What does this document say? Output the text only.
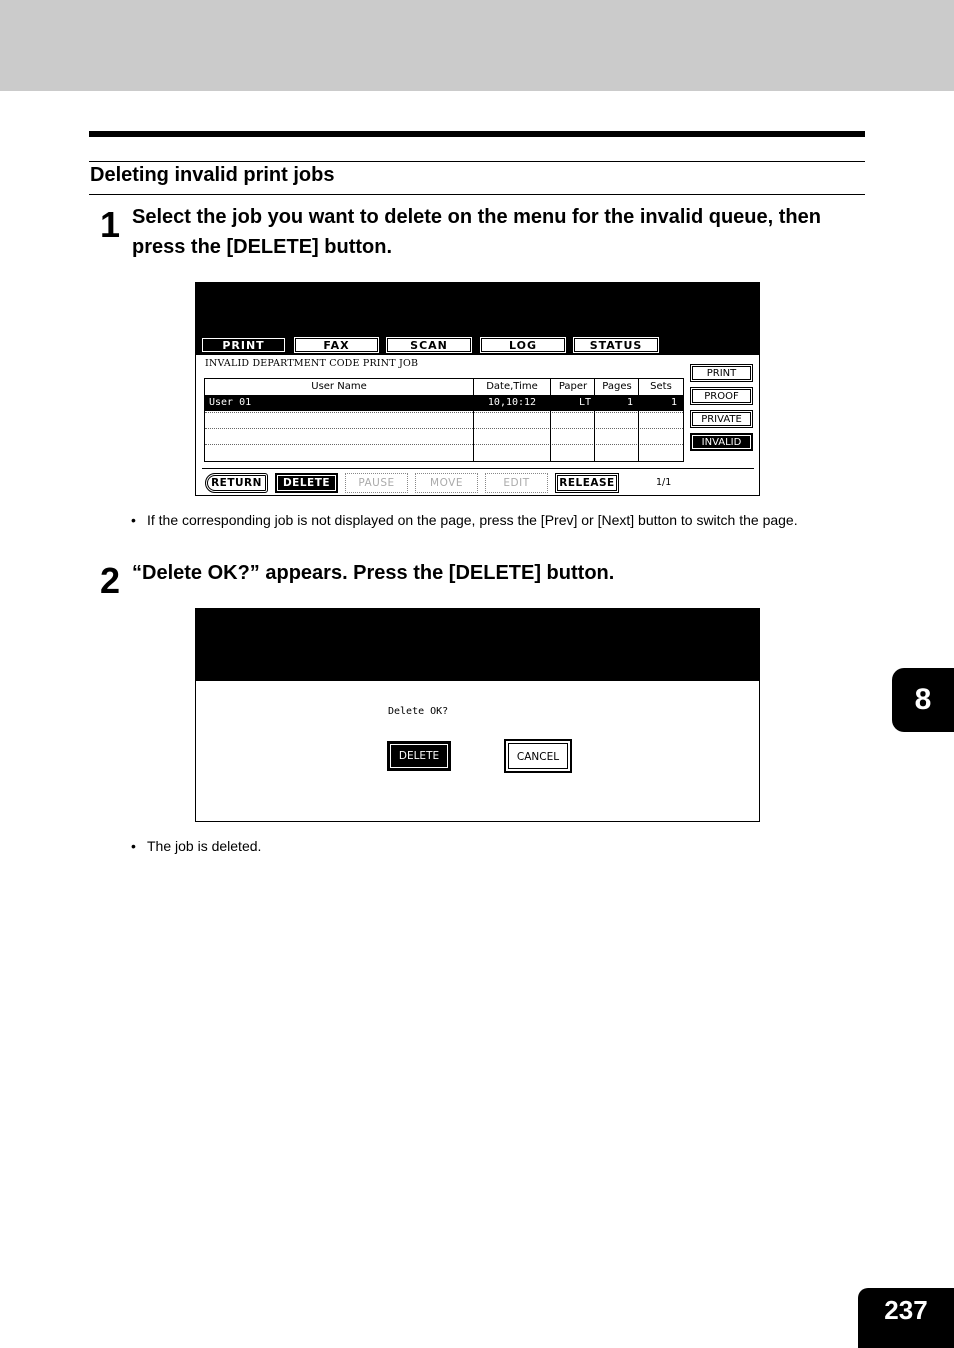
Deleting invalid print jobs
1 Select the job you want to delete on the menu for the invalid queue, then press the [DELETE] button.
PRINT	FAX	SCAN	LOG	STATUS
INVALID DEPARTMENT CODE PRINT JOB
User Name	Date,Time	Paper	Pages	Sets
User 01	10,10:12	LT	1	1
PRINT
PROOF
PRIVATE
INVALID
RETURN	DELETE	PAUSE	MOVE	EDIT	RELEASE	1/1
• If the corresponding job is not displayed on the page, press the [Prev] or [Next] button to switch the page.
2 “Delete OK?” appears. Press the [DELETE] button.
Delete OK?
DELETE	CANCEL
• The job is deleted.
8
237
